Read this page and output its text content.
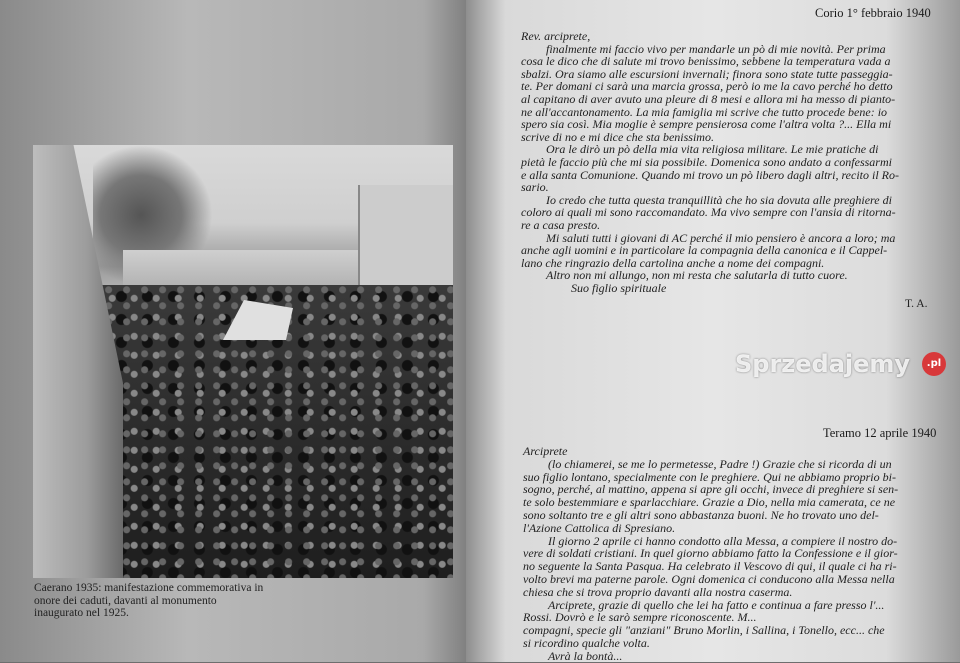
Caerano 1935: manifestazione commemorativa in
onore dei caduti, davanti al monumento
inaugurato nel 1925.
Corio 1° febbraio 1940
Rev. arciprete,
finalmente mi faccio vivo per mandarle un pò di mie novità. Per prima
cosa le dico che di salute mi trovo benissimo, sebbene la temperatura vada a
sbalzi. Ora siamo alle escursioni invernali; finora sono state tutte passeggia-
te. Per domani ci sarà una marcia grossa, però io me la cavo perché ho detto
al capitano di aver avuto una pleure di 8 mesi e allora mi ha messo di pianto-
ne all'accantonamento. La mia famiglia mi scrive che tutto procede bene: io
spero sia così. Mia moglie è sempre pensierosa come l'altra volta ?... Ella mi
scrive di no e mi dice che sta benissimo.
Ora le dirò un pò della mia vita religiosa militare. Le mie pratiche di
pietà le faccio più che mi sia possibile. Domenica sono andato a confessarmi
e alla santa Comunione. Quando mi trovo un pò libero dagli altri, recito il Ro-
sario.
Io credo che tutta questa tranquillità che ho sia dovuta alle preghiere di
coloro ai quali mi sono raccomandato. Ma vivo sempre con l'ansia di ritorna-
re a casa presto.
Mi saluti tutti i giovani di AC perché il mio pensiero è ancora a loro; ma
anche agli uomini e in particolare la compagnia della canonica e il Cappel-
lano che ringrazio della cartolina anche a nome dei compagni.
Altro non mi allungo, non mi resta che salutarla di tutto cuore.
Suo figlio spirituale
T. A.
Teramo 12 aprile 1940
Arciprete
(lo chiamerei, se me lo permetesse, Padre !) Grazie che si ricorda di un
suo figlio lontano, specialmente con le preghiere. Qui ne abbiamo proprio bi-
sogno, perché, al mattino, appena si apre gli occhi, invece di preghiere si sen-
te solo bestemmiare e sparlacchiare. Grazie a Dio, nella mia camerata, ce ne
sono soltanto tre e gli altri sono abbastanza buoni. Ne ho trovato uno del-
l'Azione Cattolica di Spresiano.
Il giorno 2 aprile ci hanno condotto alla Messa, a compiere il nostro do-
vere di soldati cristiani. In quel giorno abbiamo fatto la Confessione e il gior-
no seguente la Santa Pasqua. Ha celebrato il Vescovo di qui, il quale ci ha ri-
volto brevi ma paterne parole. Ogni domenica ci conducono alla Messa nella
chiesa che si trova proprio davanti alla nostra caserma.
Arciprete, grazie di quello che lei ha fatto e continua a fare presso l'...
Rossi. Dovrò e le sarò sempre riconoscente. M...
compagni, specie gli "anziani" Bruno Morlin, i Sallina, i Tonello, ecc... che
si ricordino qualche volta.
Avrà la bontà...
Sprzedajemy	.pl
